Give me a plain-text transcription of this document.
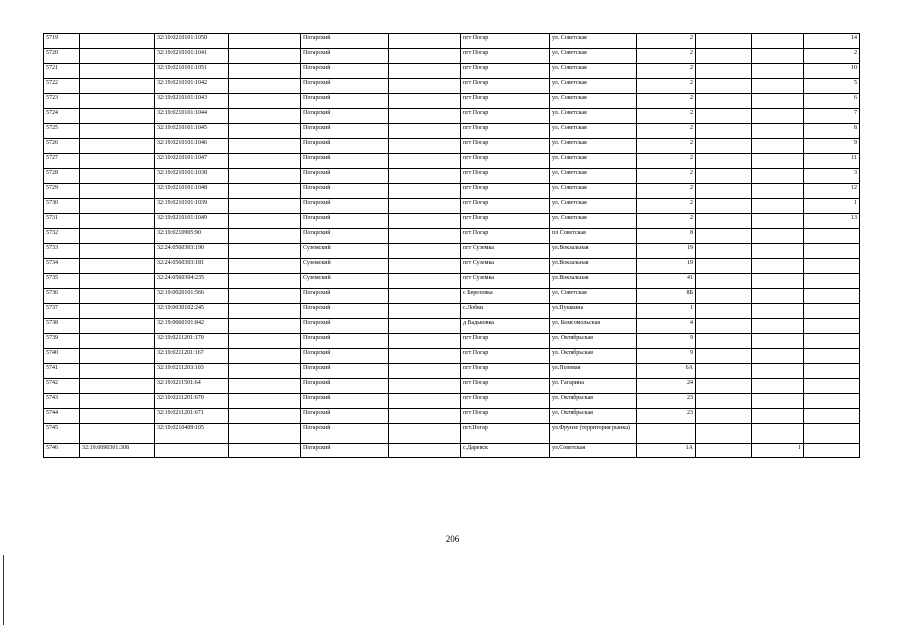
5719		32:19:0210101:1050		Погарский		пгт Погар	ул. Советская	2			14
5720		32:19:0210101:1041		Погарский		пгт Погар	ул. Советская	2			2
5721		32:19:0210101:1051		Погарский		пгт Погар	ул. Советская	2			10
5722		32:19:0210101:1042		Погарский		пгт Погар	ул. Советская	2			5
5723		32:19:0210101:1043		Погарский		пгт Погар	ул. Советская	2			6
5724		32:19:0210101:1044		Погарский		пгт Погар	ул. Советская	2			7
5725		32:19:0210101:1045		Погарский		пгт Погар	ул. Советская	2			8
5726		32:19:0210101:1046		Погарский		пгт Погар	ул. Советская	2			9
5727		32:19:0210101:1047		Погарский		пгт Погар	ул. Советская	2			11
5728		32:19:0210101:1038		Погарский		пгт Погар	ул. Советская	2			3
5729		32:19:0210101:1048		Погарский		пгт Погар	ул. Советская	2			12
5730		32:19:0210101:1039		Погарский		пгт Погар	ул. Советская	2			1
5731		32:19:0210101:1049		Погарский		пгт Погар	ул. Советская	2			13
5732		32:19:0210905:90		Погарский		пгт Погар	пл Советская	8			
5733		32:24:0560303:190		Суземский		пгт Суземка	ул.Вокзальная	19			
5734		32:24:0560303:181		Суземский		пгт Суземка	ул.Вокзальная	19			
5735		32:24:0560304:235		Суземский		пгт Суземка	ул.Вокзальная	41			
5736		32:19:0020101:566		Погарский		с Березовка	ул. Советская	8Б			
5737		32:19:0030102:245		Погарский		с.Лобки	ул.Пушкина	1			
5738		32:19:0060101:842		Погарский		д Вадьковка	ул. Комсомольская	4			
5739		32:19:0211201:170		Погарский		пгт Погар	ул. Октябрьская	9			
5740		32:19:0211201:167		Погарский		пгт Погар	ул. Октябрьская	9			
5741		32:19:0211203:103		Погарский		пгт Погар	ул.Полевая	6А			
5742		32:19:0211501:64		Погарский		пгт Погар	ул. Гагарина	24			
5743		32:19:0211201:670		Погарский		пгт Погар	ул. Октябрьская	23			
5744		32:19:0211201:671		Погарский		пгт Погар	ул. Октябрьская	23			
5745		32:19:0210409:105		Погарский		пгт.Погар	ул.Фрунзе (территория рынка)				
5746	32:19:0090301:308			Погарский		с.Даревск	ул.Советская	1А		1	
206
